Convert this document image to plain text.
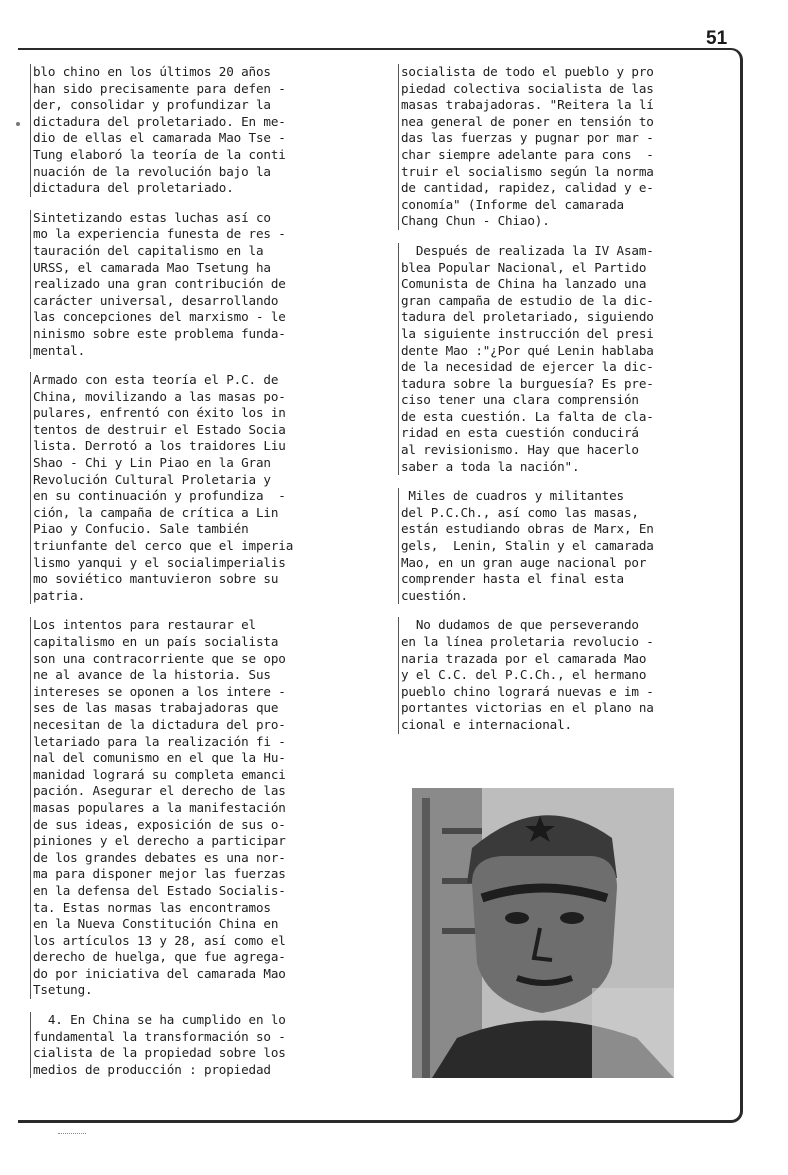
51
blo chino en los últimos 20 años
han sido precisamente para defen -
der, consolidar y profundizar la
dictadura del proletariado. En me-
dio de ellas el camarada Mao Tse -
Tung elaboró la teoría de la conti
nuación de la revolución bajo la
dictadura del proletariado.
Sintetizando estas luchas así co
mo la experiencia funesta de res -
tauración del capitalismo en la
URSS, el camarada Mao Tsetung ha
realizado una gran contribución de
carácter universal, desarrollando
las concepciones del marxismo - le
ninismo sobre este problema funda-
mental.
Armado con esta teoría el P.C. de
China, movilizando a las masas po-
pulares, enfrentó con éxito los in
tentos de destruir el Estado Socia
lista. Derrotó a los traidores Liu
Shao - Chi y Lin Piao en la Gran
Revolución Cultural Proletaria y
en su continuación y profundiza  -
ción, la campaña de crítica a Lin
Piao y Confucio. Sale también
triunfante del cerco que el imperia
lismo yanqui y el socialimperialis
mo soviético mantuvieron sobre su
patria.
Los intentos para restaurar el
capitalismo en un país socialista
son una contracorriente que se opo
ne al avance de la historia. Sus
intereses se oponen a los intere -
ses de las masas trabajadoras que
necesitan de la dictadura del pro-
letariado para la realización fi -
nal del comunismo en el que la Hu-
manidad logrará su completa emanci
pación. Asegurar el derecho de las
masas populares a la manifestación
de sus ideas, exposición de sus o-
piniones y el derecho a participar
de los grandes debates es una nor-
ma para disponer mejor las fuerzas
en la defensa del Estado Socialis-
ta. Estas normas las encontramos
en la Nueva Constitución China en
los artículos 13 y 28, así como el
derecho de huelga, que fue agrega-
do por iniciativa del camarada Mao
Tsetung.
4. En China se ha cumplido en lo
fundamental la transformación so -
cialista de la propiedad sobre los
medios de producción : propiedad
socialista de todo el pueblo y pro
piedad colectiva socialista de las
masas trabajadoras. "Reitera la lí
nea general de poner en tensión to
das las fuerzas y pugnar por mar -
char siempre adelante para cons  -
truir el socialismo según la norma
de cantidad, rapidez, calidad y e-
conomía" (Informe del camarada
Chang Chun - Chiao).
Después de realizada la IV Asam-
blea Popular Nacional, el Partido
Comunista de China ha lanzado una
gran campaña de estudio de la dic-
tadura del proletariado, siguiendo
la siguiente instrucción del presi
dente Mao :"¿Por qué Lenin hablaba
de la necesidad de ejercer la dic-
tadura sobre la burguesía? Es pre-
ciso tener una clara comprensión
de esta cuestión. La falta de cla-
ridad en esta cuestión conducirá
al revisionismo. Hay que hacerlo
saber a toda la nación".
Miles de cuadros y militantes
del P.C.Ch., así como las masas,
están estudiando obras de Marx, En
gels,  Lenin, Stalin y el camarada
Mao, en un gran auge nacional por
comprender hasta el final esta
cuestión.
No dudamos de que perseverando
en la línea proletaria revolucio -
naria trazada por el camarada Mao
y el C.C. del P.C.Ch., el hermano
pueblo chino logrará nuevas e im -
portantes victorias en el plano na
cional e internacional.
